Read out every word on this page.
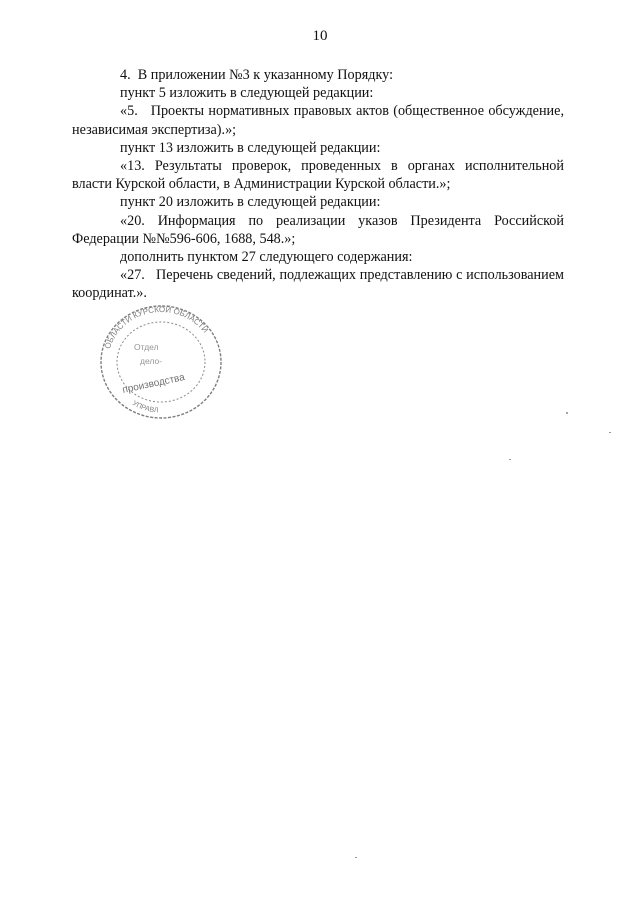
10

4.  В приложении №3 к указанному Порядку:

пункт 5 изложить в следующей редакции:

«5.   Проекты нормативных правовых актов (общественное обсуждение, независимая экспертиза).»;

пункт 13 изложить в следующей редакции:

«13. Результаты проверок, проведенных в органах исполнительной власти Курской области, в Администрации Курской области.»;

пункт 20 изложить в следующей редакции:

«20. Информация по реализации указов Президента Российской Федерации №№596-606, 1688, 548.»;

дополнить пунктом 27 следующего содержания:

«27.   Перечень сведений, подлежащих представлению с использованием координат.».

ОБЛАСТИ КУРСКОЙ ОБЛАСТИ
УПРАВЛ
Отдел
дело-
производства
